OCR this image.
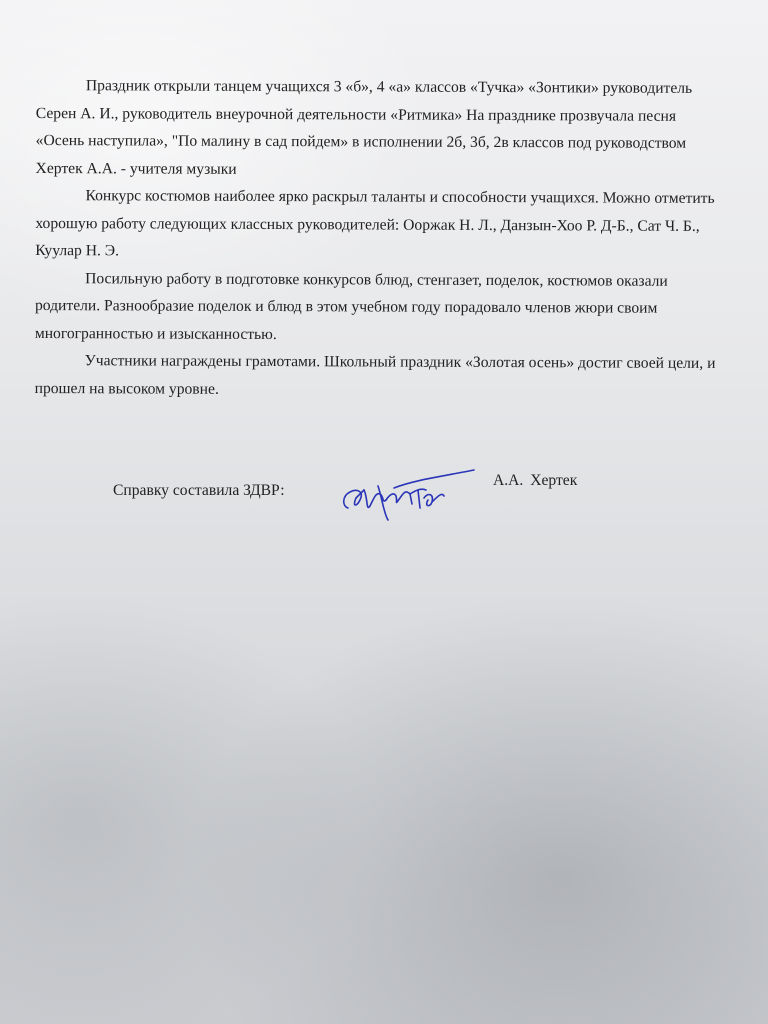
Праздник открыли танцем учащихся 3 «б», 4 «а» классов «Тучка» «Зонтики» руководитель Серен А. И., руководитель внеурочной деятельности «Ритмика» На празднике прозвучала песня «Осень наступила», "По малину в сад пойдем» в исполнении 2б, 3б, 2в классов под руководством Хертек А.А. - учителя музыки

Конкурс костюмов наиболее ярко раскрыл таланты и способности учащихся. Можно отметить хорошую работу следующих классных руководителей: Ооржак Н. Л., Данзын-Хоо Р. Д-Б., Сат Ч. Б., Куулар Н. Э.

Посильную работу в подготовке конкурсов блюд, стенгазет, поделок, костюмов оказали родители. Разнообразие поделок и блюд в этом учебном году порадовало членов жюри своим многогранностью и изысканностью.

Участники награждены грамотами. Школьный праздник «Золотая осень» достиг своей цели, и прошел на высоком уровне.

Справку составила ЗДВР:
А.А. Хертек
